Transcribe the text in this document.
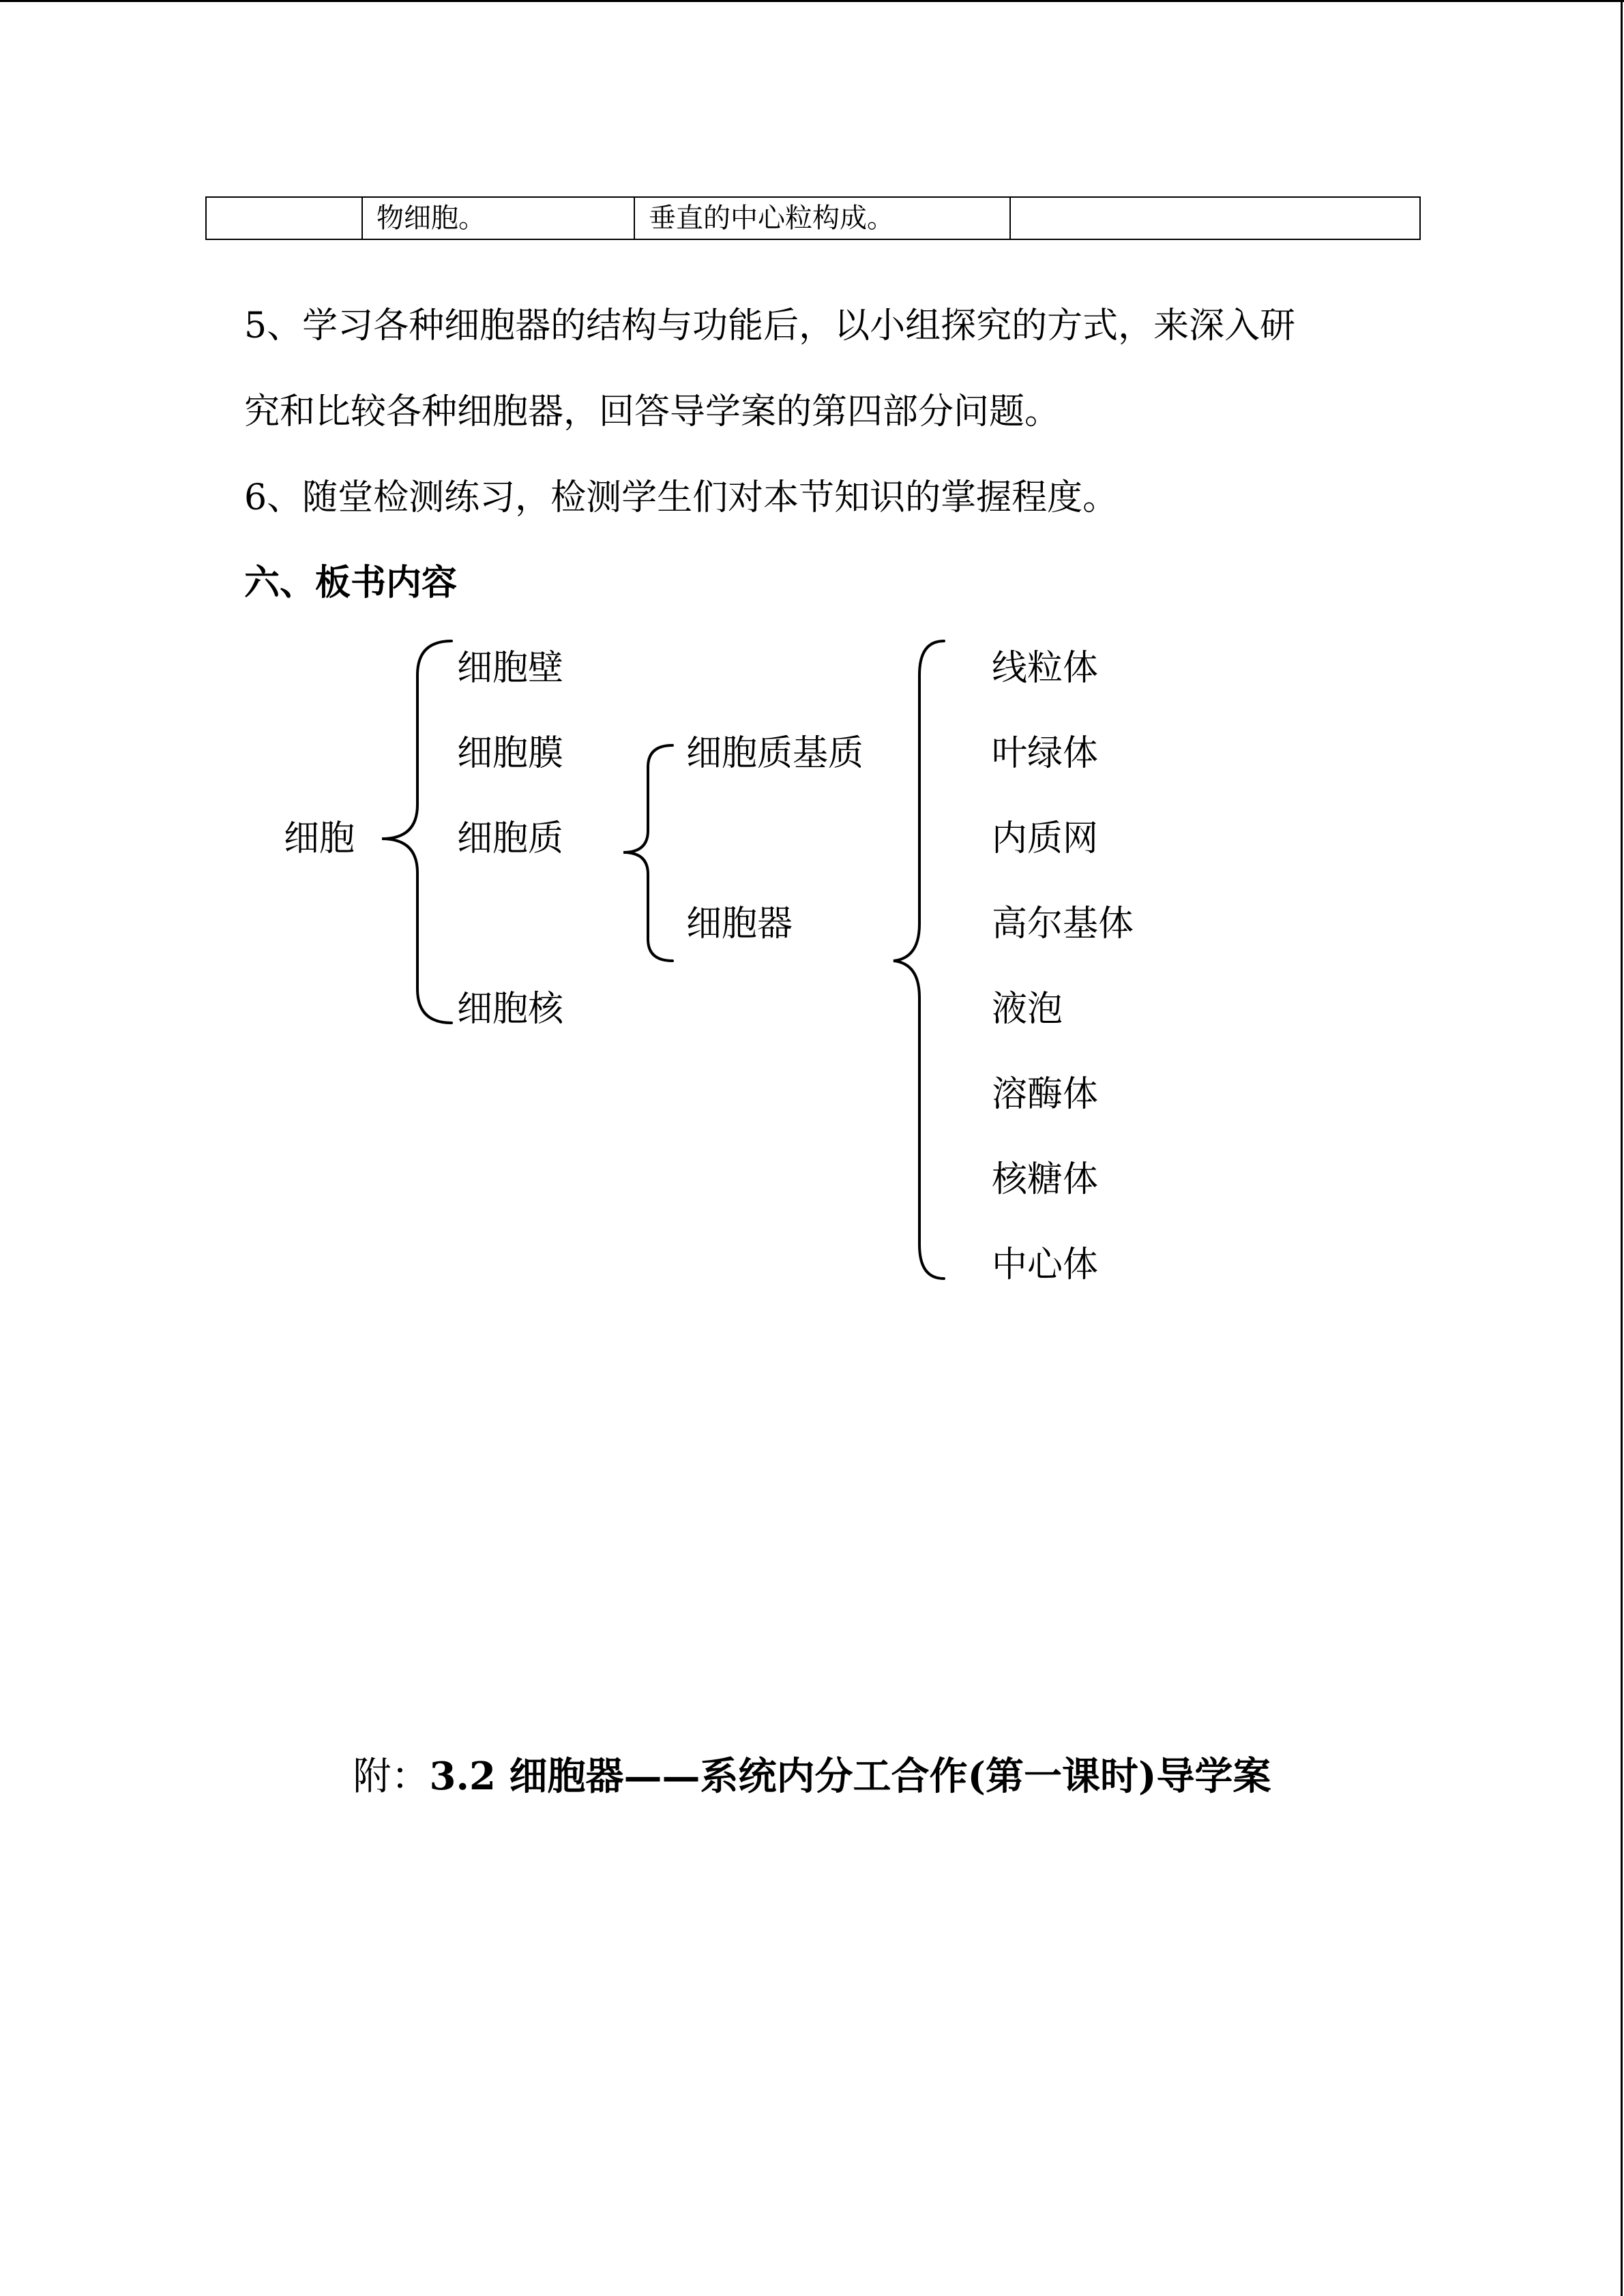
	物细胞。	垂直的中心粒构成。	
5、学习各种细胞器的结构与功能后，以小组探究的方式，来深入研
究和比较各种细胞器，回答导学案的第四部分问题。
6、随堂检测练习，检测学生们对本节知识的掌握程度。
六、板书内容
细胞
细胞壁
细胞膜
细胞质
细胞核
细胞质基质
细胞器
线粒体
叶绿体
内质网
高尔基体
液泡
溶酶体
核糖体
中心体
附：3.2 细胞器——系统内分工合作(第一课时)导学案
